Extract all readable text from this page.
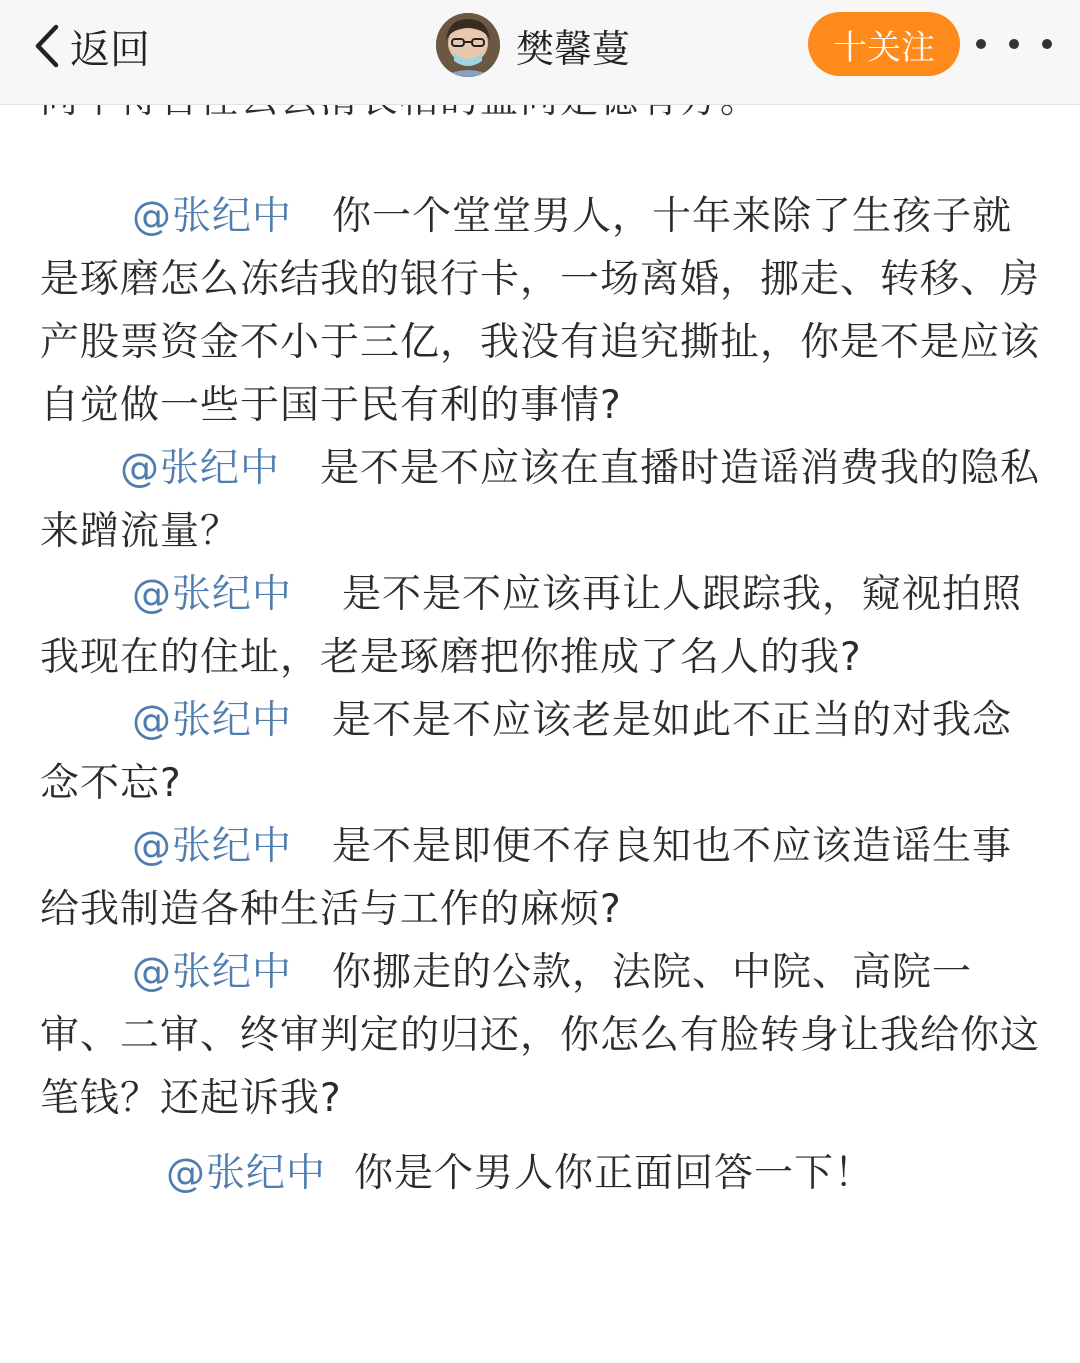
返回	樊馨蔓	十关注

@张纪中 你一个堂堂男人，十年来除了生孩子就是琢磨怎么冻结我的银行卡，一场离婚，挪走、转移、房产股票资金不小于三亿，我没有追究撕扯，你是不是应该自觉做一些于国于民有利的事情?

@张纪中 是不是不应该在直播时造谣消费我的隐私来蹭流量？

@张纪中 是不是不应该再让人跟踪我，窥视拍照我现在的住址，老是琢磨把你推成了名人的我?

@张纪中 是不是不应该老是如此不正当的对我念念不忘?

@张纪中 是不是即便不存良知也不应该造谣生事给我制造各种生活与工作的麻烦?

@张纪中 你挪走的公款，法院、中院、高院一审、二审、终审判定的归还，你怎么有脸转身让我给你这笔钱？还起诉我?

@张纪中 你是个男人你正面回答一下！
